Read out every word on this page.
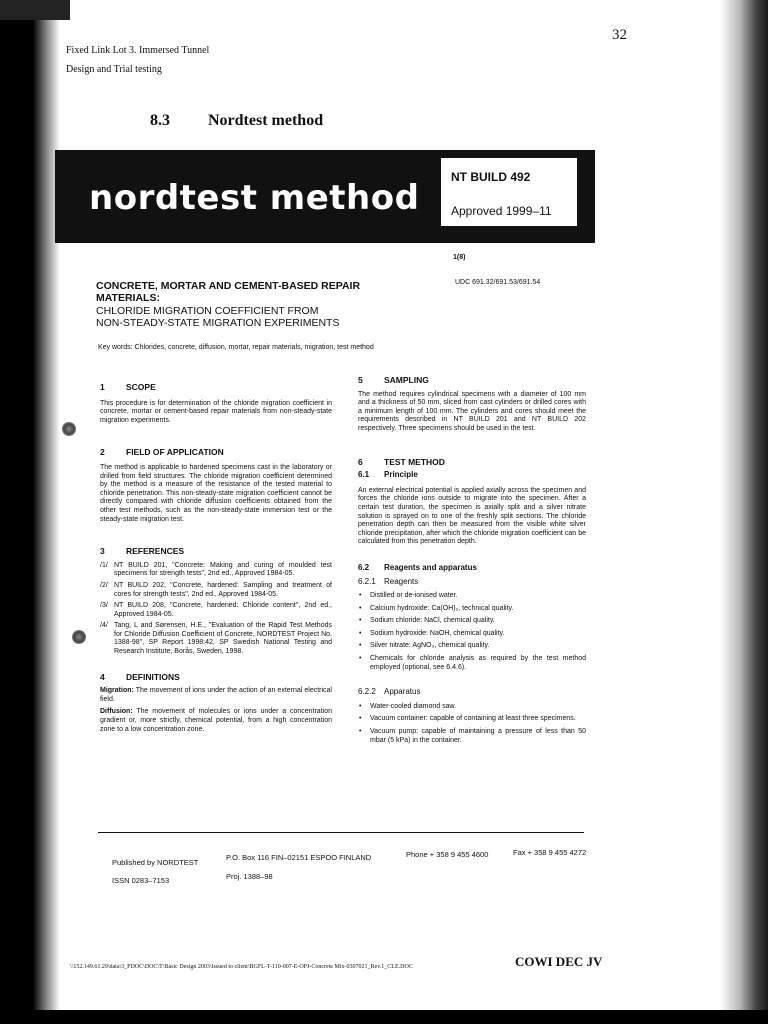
32
Fixed Link Lot 3. Immersed Tunnel
Design and Trial testing
8.3 Nordtest method
nordtest method
NT BUILD 492
Approved 1999–11
1(8)
UDC 691.32/691.53/691.54
CONCRETE, MORTAR AND CEMENT-BASED REPAIR MATERIALS:
CHLORIDE MIGRATION COEFFICIENT FROM
NON-STEADY-STATE MIGRATION EXPERIMENTS
Key words: Chlorides, concrete, diffusion, mortar, repair materials, migration, test method
1	SCOPE
This procedure is for determination of the chloride migration coefficient in concrete, mortar or cement-based repair materials from non-steady-state migration experiments.
2	FIELD OF APPLICATION
The method is applicable to hardened specimens cast in the laboratory or drilled from field structures. The chloride migration coefficient determined by the method is a measure of the resistance of the tested material to chloride penetration. This non-steady-state migration coefficient cannot be directly compared with chloride diffusion coefficients obtained from the other test methods, such as the non-steady-state immersion test or the steady-state migration test.
3	REFERENCES
/1/ NT BUILD 201, "Concrete: Making and curing of moulded test specimens for strength tests", 2nd ed., Approved 1984-05.
/2/ NT BUILD 202, "Concrete, hardened: Sampling and treatment of cores for strength tests", 2nd ed., Approved 1984-05.
/3/ NT BUILD 208, "Concrete, hardened: Chloride content", 2nd ed., Approved 1984-05.
/4/ Tang, L and Sørensen, H.E., "Evaluation of the Rapid Test Methods for Chloride Diffusion Coefficient of Concrete, NORDTEST Project No. 1388-98", SP Report 1998:42, SP Swedish National Testing and Research Institute, Borås, Sweden, 1998.
4	DEFINITIONS
Migration: The movement of ions under the action of an external electrical field.
Diffusion: The movement of molecules or ions under a concentration gradient or, more strictly, chemical potential, from a high concentration zone to a low concentration zone.
5	SAMPLING
The method requires cylindrical specimens with a diameter of 100 mm and a thickness of 50 mm, sliced from cast cylinders or drilled cores with a minimum length of 100 mm. The cylinders and cores should meet the requirements described in NT BUILD 201 and NT BUILD 202 respectively. Three specimens should be used in the test.
6	TEST METHOD
6.1 Principle
An external electrical potential is applied axially across the specimen and forces the chloride ions outside to migrate into the specimen. After a certain test duration, the specimen is axially split and a silver nitrate solution is sprayed on to one of the freshly split sections. The chloride penetration depth can then be measured from the visible white silver chloride precipitation, after which the chloride migration coefficient can be calculated from this penetration depth.
6.2 Reagents and apparatus
6.2.1 Reagents
• Distilled or de-ionised water.
• Calcium hydroxide: Ca(OH)₂, technical quality.
• Sodium chloride: NaCl, chemical quality.
• Sodium hydroxide: NaOH, chemical quality.
• Silver nitrate: AgNO₃, chemical quality.
• Chemicals for chloride analysis as required by the test method employed (optional, see 6.4.6).
6.2.2 Apparatus
• Water-cooled diamond saw.
• Vacuum container: capable of containing at least three specimens.
• Vacuum pump: capable of maintaining a pressure of less than 50 mbar (5 kPa) in the container.
Published by NORDTEST
P.O. Box 116 FIN–02151 ESPOO FINLAND	Phone + 358 9 455 4600	Fax + 358 9 455 4272
ISSN 0283–7153	Proj. 1388–98
COWI DEC JV
\\152.149.61.29\data\3_PDOC\DOC\T\Basic Design 2003\Issued to client\BGFL-T-110-007-E-OPJ-Concrete Mix-0307021_Rev.1_CLE.DOC
